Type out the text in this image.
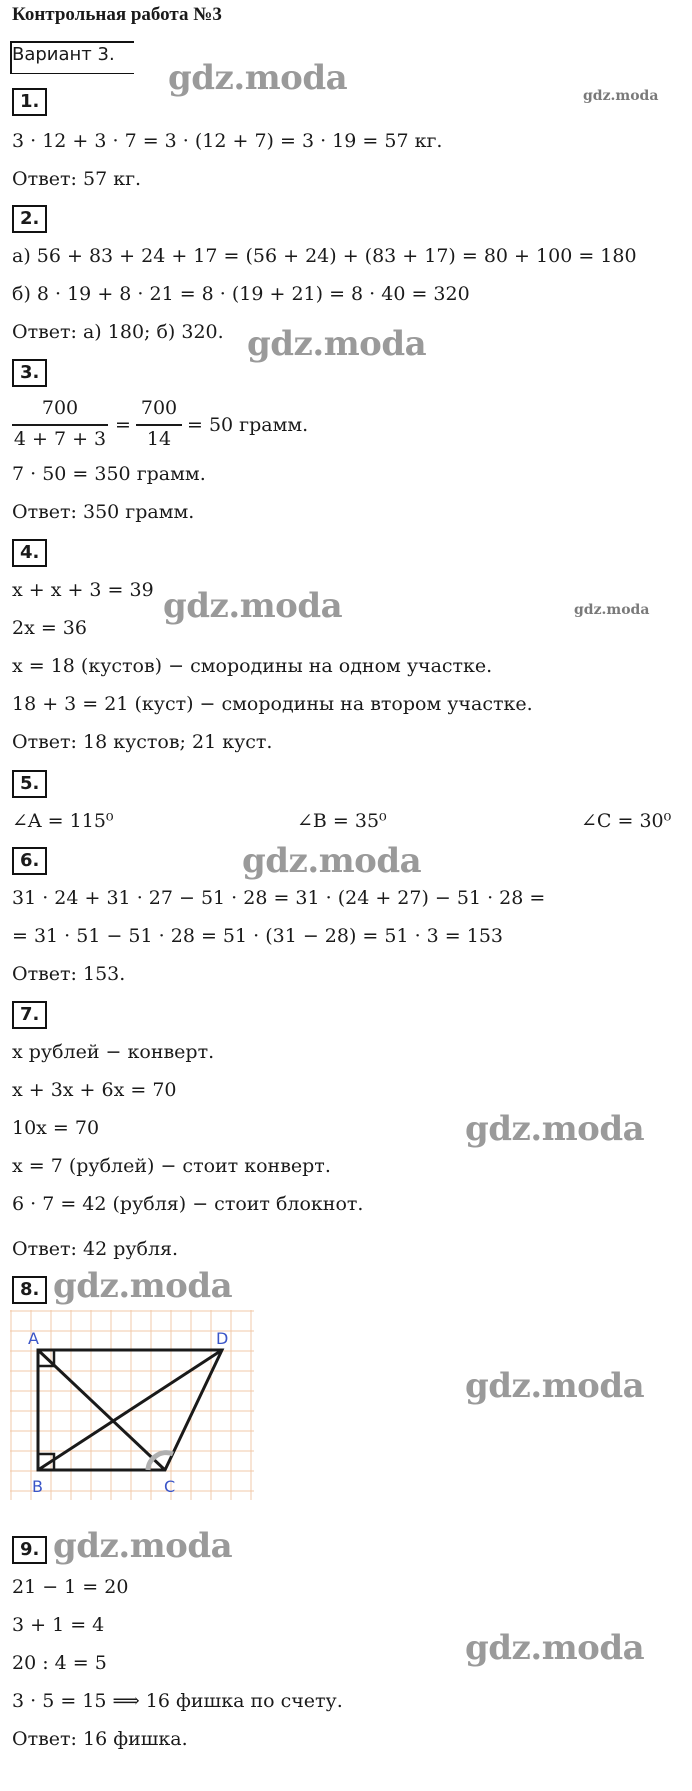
Контрольная работа №3
Вариант 3.
gdz.moda	gdz.moda
gdz.moda
gdz.moda	gdz.moda
gdz.moda
gdz.moda
gdz.moda
gdz.moda
gdz.moda
gdz.moda
1.
3 · 12 + 3 · 7 = 3 · (12 + 7) = 3 · 19 = 57 кг.
Ответ: 57 кг.
2.
а) 56 + 83 + 24 + 17 = (56 + 24) + (83 + 17) = 80 + 100 = 180
б) 8 · 19 + 8 · 21 = 8 · (19 + 21) = 8 · 40 = 320
Ответ: а) 180; б) 320.
3.
700
4 + 7 + 3
=
700
14
= 50 грамм.
7 · 50 = 350 грамм.
Ответ: 350 грамм.
4.
x + x + 3 = 39
2x = 36
x = 18 (кустов) − смородины на одном участке.
18 + 3 = 21 (куст) − смородины на втором участке.
Ответ: 18 кустов; 21 куст.
5.
∠A = 115⁰	∠B = 35⁰	∠C = 30⁰
6.
31 · 24 + 31 · 27 − 51 · 28 = 31 · (24 + 27) − 51 · 28 =
= 31 · 51 − 51 · 28 = 51 · (31 − 28) = 51 · 3 = 153
Ответ: 153.
7.
x рублей − конверт.
x + 3x + 6x = 70
10x = 70
x = 7 (рублей) − стоит конверт.
6 · 7 = 42 (рубля) − стоит блокнот.
Ответ: 42 рубля.
8.
A	D
B	C
9.
21 − 1 = 20
3 + 1 = 4
20 : 4 = 5
3 · 5 = 15 ⟹ 16 фишка по счету.
Ответ: 16 фишка.
